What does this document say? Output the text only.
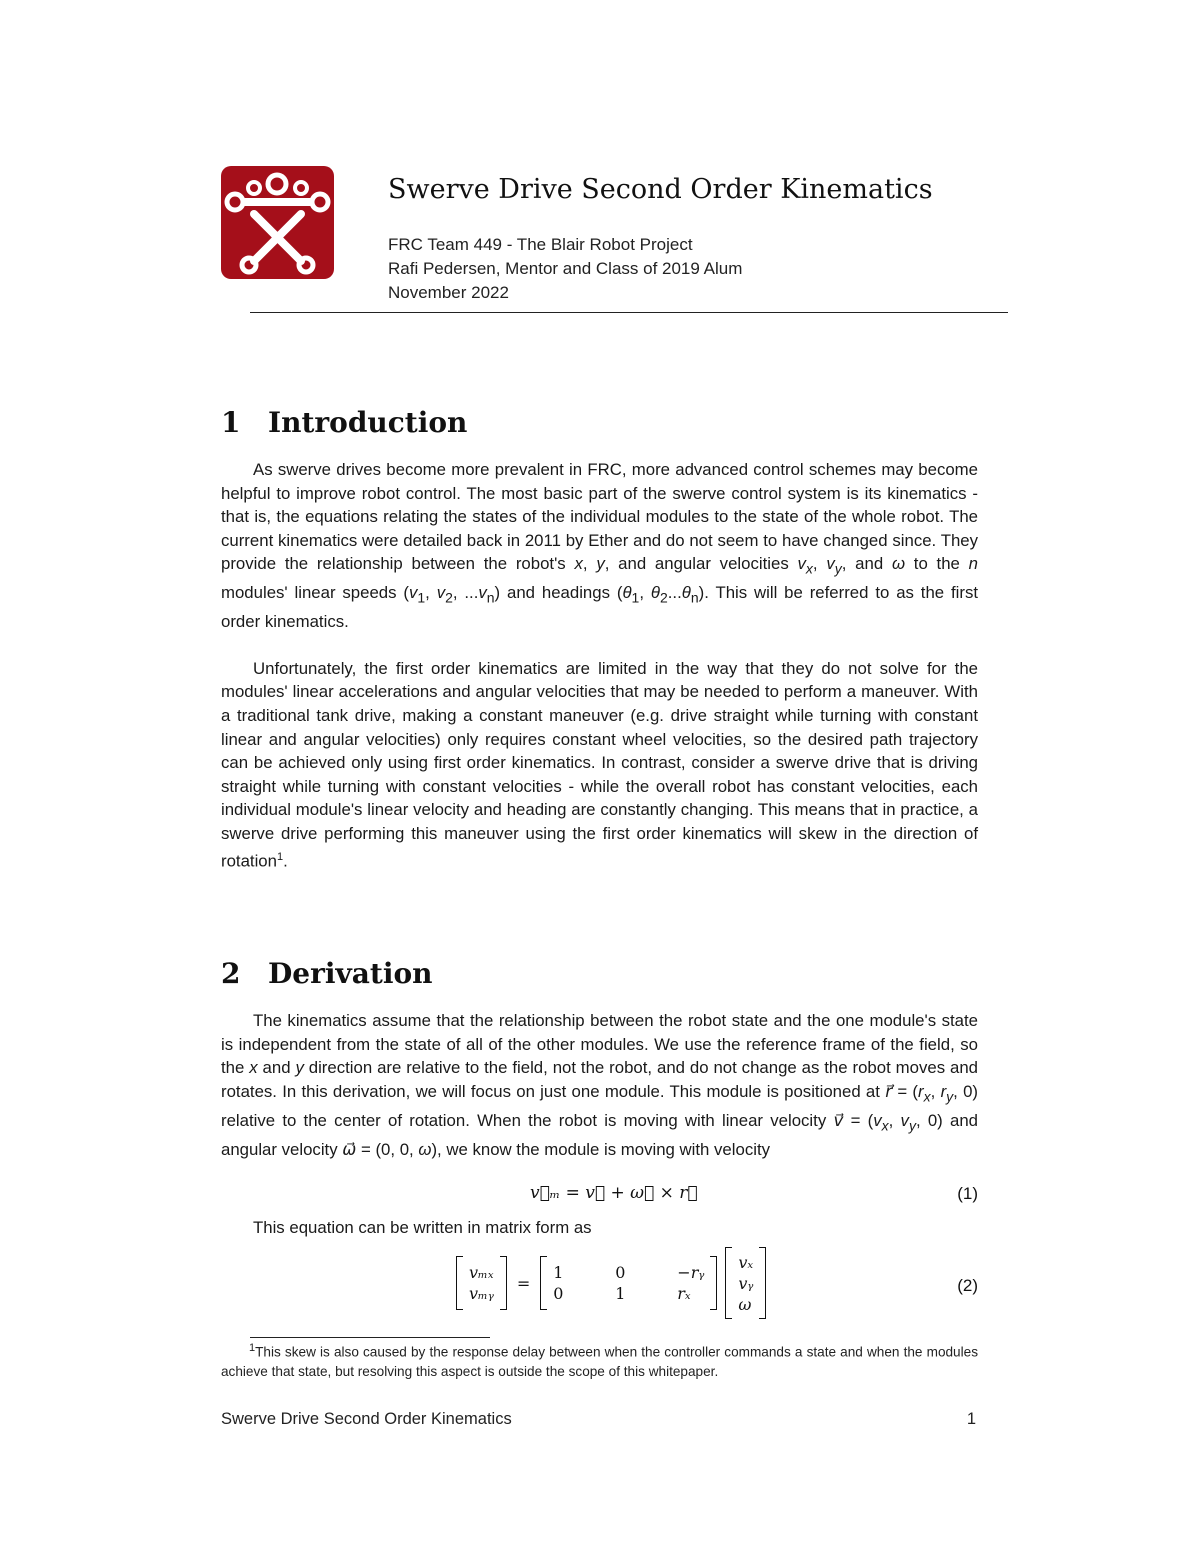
Swerve Drive Second Order Kinematics
FRC Team 449 - The Blair Robot Project
Rafi Pedersen, Mentor and Class of 2019 Alum
November 2022
1 Introduction

As swerve drives become more prevalent in FRC, more advanced control schemes may become helpful to improve robot control. The most basic part of the swerve control system is its kinematics - that is, the equations relating the states of the individual modules to the state of the whole robot. The current kinematics were detailed back in 2011 by Ether and do not seem to have changed since. They provide the relationship between the robot's x, y, and angular velocities $v_x$, $v_y$, and ω to the n modules' linear speeds ($v_1$, $v_2$, $...v_n$) and headings ($\theta_1$, $\theta_2...\theta_n$). This will be referred to as the first order kinematics.

Unfortunately, the first order kinematics are limited in the way that they do not solve for the modules' linear accelerations and angular velocities that may be needed to perform a maneuver. With a traditional tank drive, making a constant maneuver (e.g. drive straight while turning with constant linear and angular velocities) only requires constant wheel velocities, so the desired path trajectory can be achieved only using first order kinematics. In contrast, consider a swerve drive that is driving straight while turning with constant velocities - while the overall robot has constant velocities, each individual module's linear velocity and heading are constantly changing. This means that in practice, a swerve drive performing this maneuver using the first order kinematics will skew in the direction of rotation$^1$.

2 Derivation

The kinematics assume that the relationship between the robot state and the one module's state is independent from the state of all of the other modules. We use the reference frame of the field, so the x and y direction are relative to the field, not the robot, and do not change as the robot moves and rotates. In this derivation, we will focus on just one module. This module is positioned at r⃗ = ($r_x$, $r_y$, 0) relative to the center of rotation. When the robot is moving with linear velocity v⃗ = ($v_x$, $v_y$, 0) and angular velocity ω⃗ = (0, 0, ω), we know the module is moving with velocity

v⃗ₘ = v⃗ + ω⃗ × r⃗	(1)

This equation can be written in matrix form as

vₘₓ
vₘᵧ
=
1	0	−rᵧ
0	1	rₓ
vₓ
vᵧ
ω
(2)
$^1$This skew is also caused by the response delay between when the controller commands a state and when the modules achieve that state, but resolving this aspect is outside the scope of this whitepaper.
Swerve Drive Second Order Kinematics	1
